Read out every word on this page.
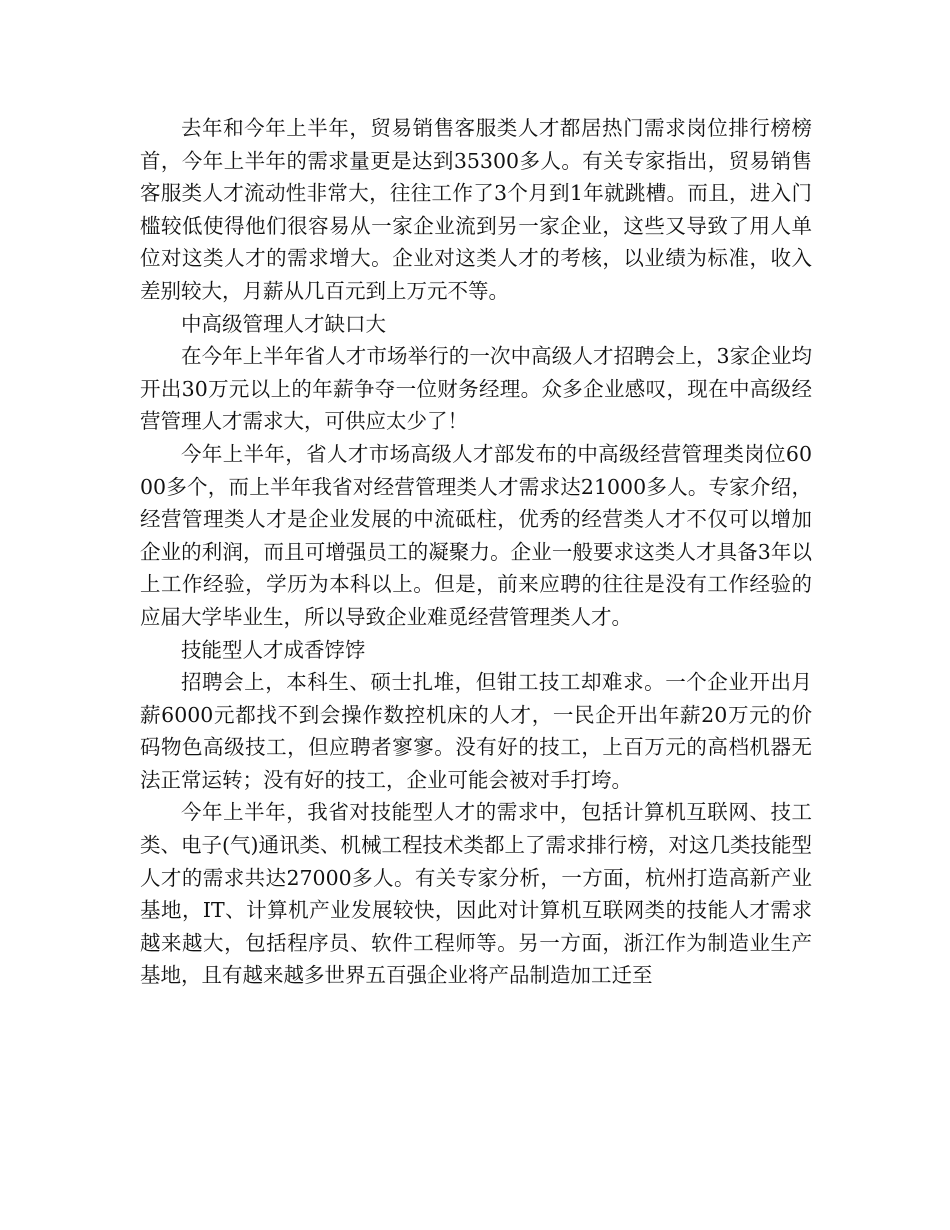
去年和今年上半年，贸易销售客服类人才都居热门需求岗位排行榜榜首，今年上半年的需求量更是达到35300多人。有关专家指出，贸易销售客服类人才流动性非常大，往往工作了3个月到1年就跳槽。而且，进入门槛较低使得他们很容易从一家企业流到另一家企业，这些又导致了用人单位对这类人才的需求增大。企业对这类人才的考核，以业绩为标准，收入差别较大，月薪从几百元到上万元不等。

中高级管理人才缺口大

在今年上半年省人才市场举行的一次中高级人才招聘会上，3家企业均开出30万元以上的年薪争夺一位财务经理。众多企业感叹，现在中高级经营管理人才需求大，可供应太少了！

今年上半年，省人才市场高级人才部发布的中高级经营管理类岗位6000多个，而上半年我省对经营管理类人才需求达21000多人。专家介绍，经营管理类人才是企业发展的中流砥柱，优秀的经营类人才不仅可以增加企业的利润，而且可增强员工的凝聚力。企业一般要求这类人才具备3年以上工作经验，学历为本科以上。但是，前来应聘的往往是没有工作经验的应届大学毕业生，所以导致企业难觅经营管理类人才。

技能型人才成香饽饽

招聘会上，本科生、硕士扎堆，但钳工技工却难求。一个企业开出月薪6000元都找不到会操作数控机床的人才，一民企开出年薪20万元的价码物色高级技工，但应聘者寥寥。没有好的技工，上百万元的高档机器无法正常运转；没有好的技工，企业可能会被对手打垮。

今年上半年，我省对技能型人才的需求中，包括计算机互联网、技工类、电子(气)通讯类、机械工程技术类都上了需求排行榜，对这几类技能型人才的需求共达27000多人。有关专家分析，一方面，杭州打造高新产业基地，IT、计算机产业发展较快，因此对计算机互联网类的技能人才需求越来越大，包括程序员、软件工程师等。另一方面，浙江作为制造业生产基地，且有越来越多世界五百强企业将产品制造加工迁至
